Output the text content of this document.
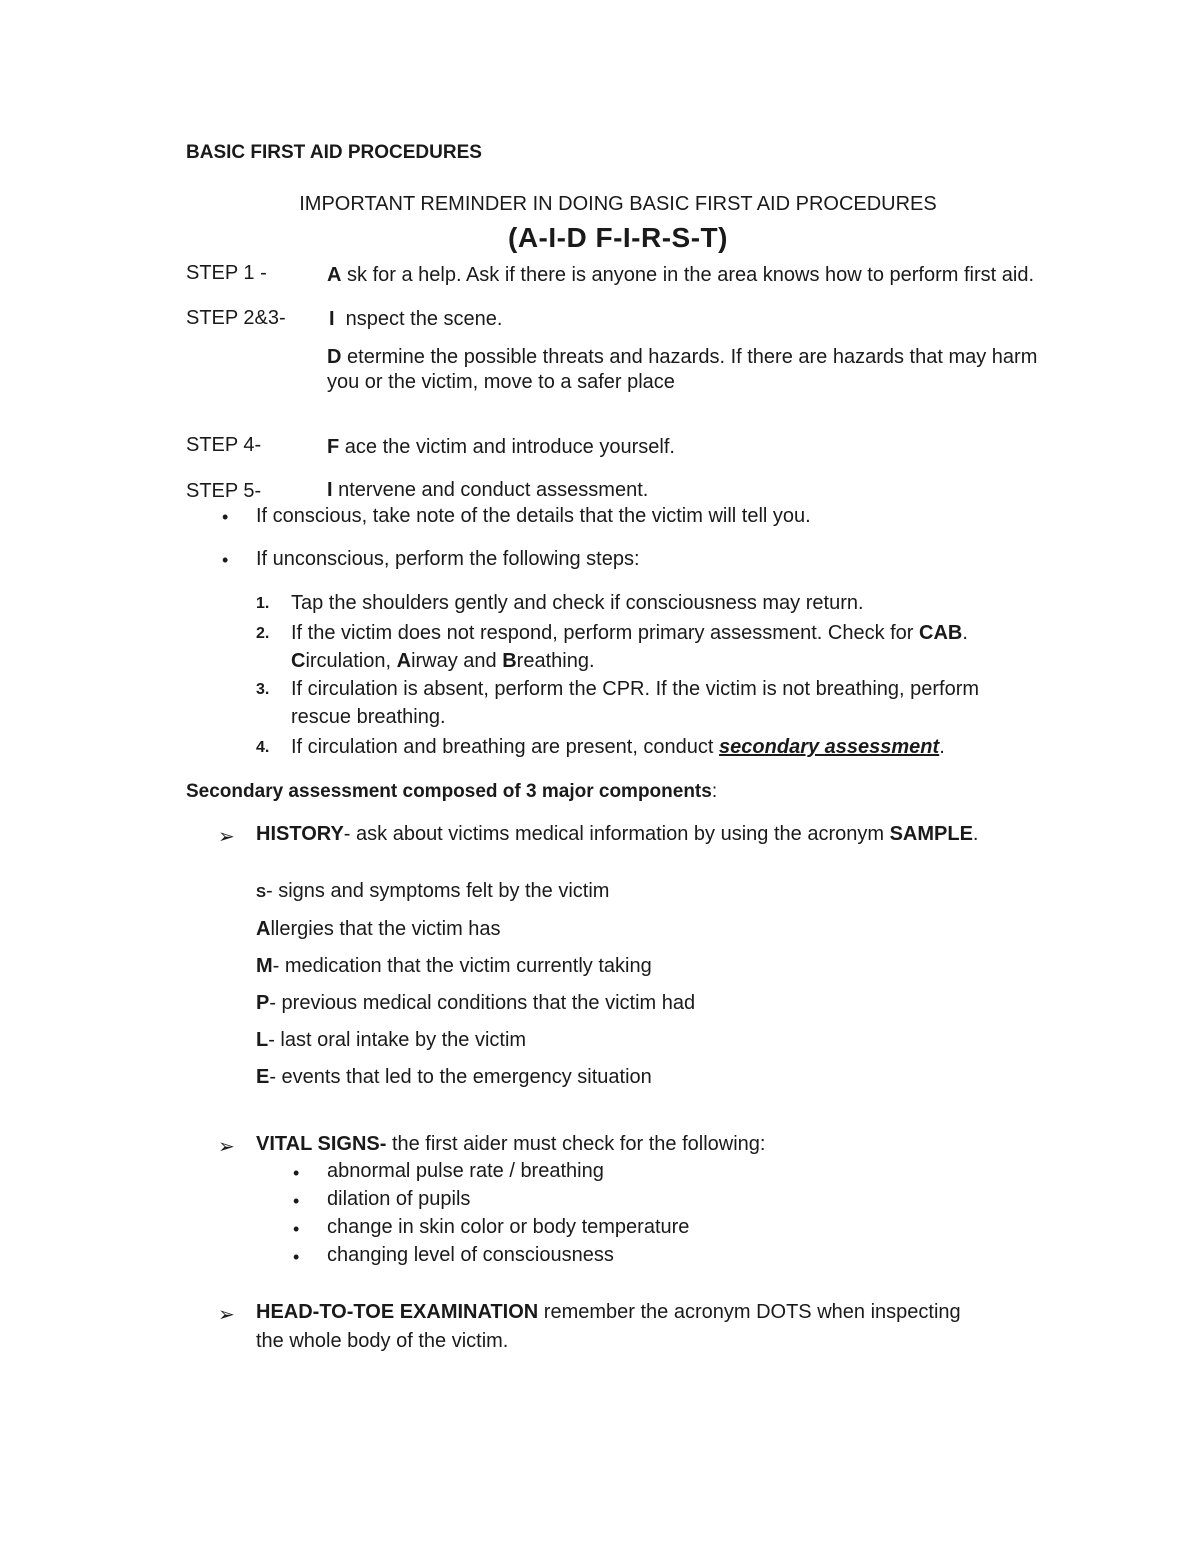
BASIC FIRST AID PROCEDURES
IMPORTANT REMINDER IN DOING BASIC FIRST AID PROCEDURES
(A-I-D F-I-R-S-T)
STEP 1 -	A sk for a help. Ask if there is anyone in the area knows how to perform first aid.
STEP 2&3- I  nspect the scene.
D etermine the possible threats and hazards. If there are hazards that may harm
you or the victim, move to a safer place
STEP 4-	F ace the victim and introduce yourself.
STEP 5-	I ntervene and conduct assessment.
• If conscious, take note of the details that the victim will tell you.
• If unconscious, perform the following steps:
1. Tap the shoulders gently and check if consciousness may return.
2. If the victim does not respond, perform primary assessment. Check for CAB.
Circulation, Airway and Breathing.
3. If circulation is absent, perform the CPR. If the victim is not breathing, perform
rescue breathing.
4. If circulation and breathing are present, conduct secondary assessment.
Secondary assessment composed of 3 major components:
➢ HISTORY- ask about victims medical information by using the acronym SAMPLE.
S- signs and symptoms felt by the victim
Allergies that the victim has
M- medication that the victim currently taking
P- previous medical conditions that the victim had
L- last oral intake by the victim
E- events that led to the emergency situation
➢ VITAL SIGNS- the first aider must check for the following:
• abnormal pulse rate / breathing
• dilation of pupils
• change in skin color or body temperature
• changing level of consciousness
➢ HEAD-TO-TOE EXAMINATION remember the acronym DOTS when inspecting
the whole body of the victim.
